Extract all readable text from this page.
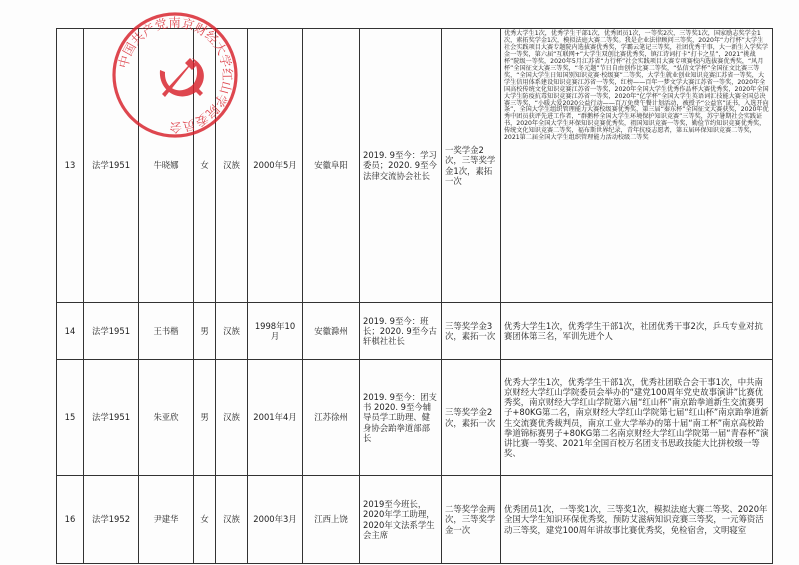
13	法学1951	牛晓娜	女	汉族	2000年5月	安徽阜阳	2019. 9至今：学习委员；2020. 9至今法律交流协会社长	一奖学金2次，三等奖学金1次，素拓一次	优秀大学生1次，优秀学生干部1次，优秀团员1次，一等奖2次，三等奖1次，国家励志奖学金1次，素拓奖学金1次，模拟法庭大赛二等奖。我是企业法律顾问三等奖，2020年“力行杯”大学生社会实践项目大赛专题院内选拔赛优秀奖，学霸云笔记三等奖，社团优秀干事，大一新生入学奖学金一等奖，第六届“互联网+”大学生双创比赛优秀奖，镇江诗词打卡“打卡之星”，2021“挑战杯”院级一等奖，2020年5月江苏省“力行杯”社会实践项目大赛专项赛校内选拔赛优秀奖，“风月杯”全国征文大赛三等奖，“冬元题”节日自由创作比赛二等奖，“弘信文学杯”全国征文比赛三等奖，“全国大学生日知国别知识竞赛·校级赛”二等奖，大学生就业创业知识竞赛江苏省一等奖，大学生信用体系建设知识竞赛江苏省一等奖，红榜——百年一梦文学大赛江苏省一等奖，2020年全国高校传统文化知识竞赛江苏省一等奖，2020年全国大学生优秀作品杯大赛优秀奖，2020年全国大学生防疫抗毒知识竞赛江苏省一等奖，2020年“亿学杯”全国大学生英语词汇技能大赛全国总决赛三等奖，“小暖大爱2020公益行动——百万免费午餐计划活动，被授予“公益官”证书，入选开向条”，全国大学生组织管理能力大赛校级赛优秀奖，第三届“秦东杯”全国征文大赛获奖，2020年优秀中团员获评先进工作者，“群鹅杯全国大学生环境保护知识竞赛”三等奖，苏宁暑期社会实践证书，2020年全国大学生环保知识竞赛优秀奖，祖国知识竞赛一等奖，勤俭节约知识竞赛优秀奖，传统文化知识竞赛二等奖，福布斯世界纪录，青年抗疫志愿者，第五届环保知识竞赛二等奖，2021第二届全国大学生组织管理能力活动校级二等奖
14	法学1951	王书楷	男	汉族	1998年10月	安徽滁州	2019. 9至今：班长；2020. 9至今古轩棋社社长	三等奖学金3次，素拓一次	优秀大学生1次，优秀学生干部1次，社团优秀干事2次，乒乓专业对抗赛团体第三名，军训先进个人
15	法学1951	朱亚欣	男	汉族	2001年4月	江苏徐州	2019. 9至今：团支书 2020. 9至今辅导员学工助理、健身协会跆拳道部部长	三等奖学金2次，素拓一次	优秀大学生1次，优秀学生干部1次，优秀社团联合会干事1次，中共南京财经大学红山学院委员会举办的“建党100周年党史故事演讲”比赛优秀奖，南京财经大学红山学院第六届“红山杯”南京跆拳道新生交流赛男子+80KG第二名，南京财经大学红山学院第七届“红山杯”南京跆拳道新生交流赛优秀裁判员，南京工业大学举办的第十届“南工杯”南京高校跆拳道锦标赛男子+80KG第二名南京财经大学红山学院第一届“青春杯”演讲比赛一等奖、2021年全国百校万名团支书思政技能大比拼校级一等奖、
16	法学1952	尹建华	女	汉族	2000年3月	江西上饶	2019至今班长，2020年学工助理，2020年文法系学生会主席	二等奖学金两次，三等奖学金一次	优秀团员1次，一等奖1次，三等奖1次，模拟法庭大赛二等奖、2020年全国大学生知识环保优秀奖，预防艾滋病知识竞赛三等奖，一元筹资活动三等奖，建党100周年讲故事比赛优秀奖，免检宿舍，文明寝室
中国共产党南京财经大学红山学院委员会
